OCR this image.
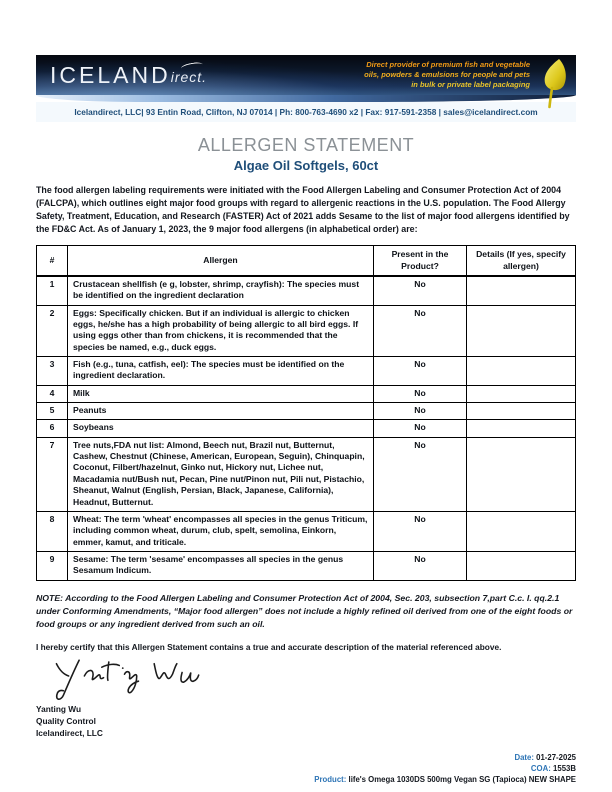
ICELANDirect.
Direct provider of premium fish and vegetable
oils, powders & emulsions for people and pets
in bulk or private label packaging
Icelandirect, LLC| 93 Entin Road, Clifton, NJ 07014 | Ph: 800-763-4690 x2 | Fax: 917-591-2358 | sales@icelandirect.com
ALLERGEN STATEMENT
Algae Oil Softgels, 60ct

The food allergen labeling requirements were initiated with the Food Allergen Labeling and Consumer Protection Act of 2004 (FALCPA), which outlines eight major food groups with regard to allergenic reactions in the U.S. population. The Food Allergy Safety, Treatment, Education, and Research (FASTER) Act of 2021 adds Sesame to the list of major food allergens identified by the FD&C Act. As of January 1, 2023, the 9 major food allergens (in alphabetical order) are:

#	Allergen	Present in the Product?	Details (If yes, specify allergen)
1	Crustacean shellfish (e g, lobster, shrimp, crayfish): The species must be identified on the ingredient declaration	No	
2	Eggs: Specifically chicken. But if an individual is allergic to chicken eggs, he/she has a high probability of being allergic to all bird eggs. If using eggs other than from chickens, it is recommended that the species be named, e.g., duck eggs.	No	
3	Fish (e.g., tuna, catfish, eel): The species must be identified on the ingredient declaration.	No	
4	Milk	No	
5	Peanuts	No	
6	Soybeans	No	
7	Tree nuts,FDA nut list: Almond, Beech nut, Brazil nut, Butternut, Cashew, Chestnut (Chinese, American, European, Seguin), Chinquapin, Coconut, Filbert/hazelnut, Ginko nut, Hickory nut, Lichee nut, Macadamia nut/Bush nut, Pecan, Pine nut/Pinon nut, Pili nut, Pistachio, Sheanut, Walnut (English, Persian, Black, Japanese, California), Headnut, Butternut.	No	
8	Wheat: The term 'wheat' encompasses all species in the genus Triticum, including common wheat, durum, club, spelt, semolina, Einkorn, emmer, kamut, and triticale.	No	
9	Sesame: The term 'sesame' encompasses all species in the genus Sesamum Indicum.	No	

NOTE: According to the Food Allergen Labeling and Consumer Protection Act of 2004, Sec. 203, subsection 7,part C.c. I. qq.2.1 under Conforming Amendments, “Major food allergen” does not include a highly refined oil derived from one of the eight foods or food groups or any ingredient derived from such an oil.

I hereby certify that this Allergen Statement contains a true and accurate description of the material referenced above.

Yanting Wu
Quality Control
Icelandirect, LLC
Date: 01-27-2025
COA: 1553B
Product: life's Omega 1030DS 500mg Vegan SG (Tapioca) NEW SHAPE
